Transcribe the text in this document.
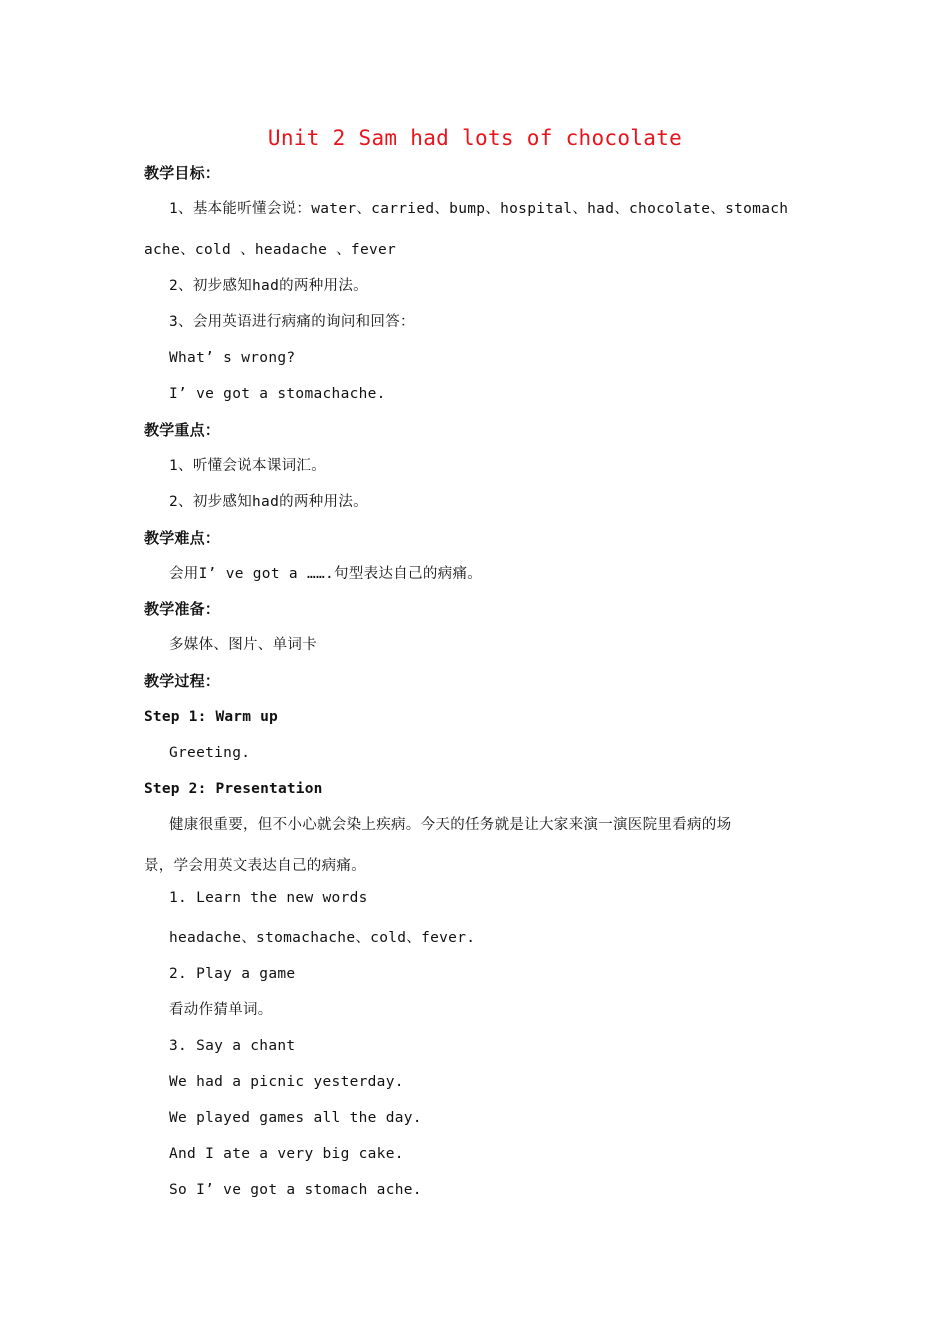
Unit 2 Sam had lots of chocolate
教学目标：
1、基本能听懂会说：water、carried、bump、hospital、had、chocolate、stomach
ache、cold 、headache 、fever
2、初步感知had的两种用法。
3、会用英语进行病痛的询问和回答：
What’ s wrong?
I’ ve got a stomachache.
教学重点：
1、听懂会说本课词汇。
2、初步感知had的两种用法。
教学难点：
会用I’ ve got a …….句型表达自己的病痛。
教学准备：
多媒体、图片、单词卡
教学过程：
Step 1: Warm up
Greeting.
Step 2: Presentation
健康很重要，但不小心就会染上疾病。今天的任务就是让大家来演一演医院里看病的场
景，学会用英文表达自己的病痛。
1. Learn the new words
headache、stomachache、cold、fever.
2. Play a game
看动作猜单词。
3. Say a chant
We had a picnic yesterday.
We played games all the day.
And I ate a very big cake.
So I’ ve got a stomach ache.
